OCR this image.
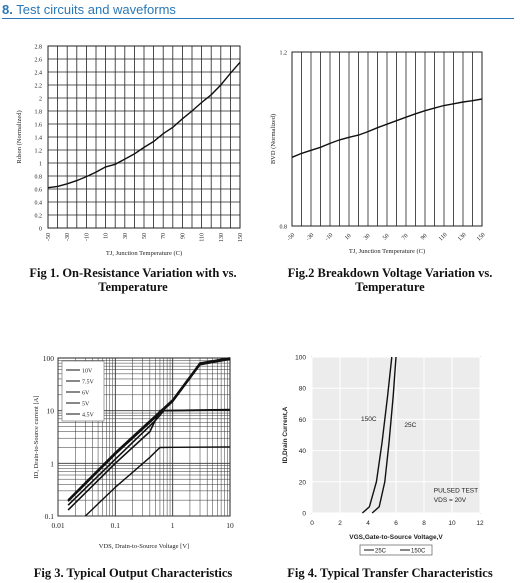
8. Test circuits and waveforms
0
0.2
0.4
0.6
0.8
1
1.2
1.4
1.6
1.8
2
2.2
2.4
2.6
2.8
-50 -30 -10 10 30 50 70 90 110 130 150
TJ, Junction Temperature (C)
Rdson (Normalized)
0.8
1.2
-50 -30 -10 10 30 50 70 90 110 130 150
TJ, Junction Temperature (C)
BVD (Normalized)
0.01	0.1	1	10
0.1
1
10
100
10V
7.5V
6V
5V
4.5V
VDS, Drain-to-Source Voltage [V]
ID, Drain-to-Source current [A]
0	2	4	6	8	10	12
0
20
40
60
80
100
150C
25C
PULSED TEST
VDS = 20V
VGS,Gate-to-Source Voltage,V
ID,Drain Current,A
25C	150C
Fig 1. On-Resistance Variation with vs.
Temperature
Fig.2 Breakdown Voltage Variation vs.
Temperature
Fig 3. Typical Output Characteristics	Fig 4. Typical Transfer Characteristics
